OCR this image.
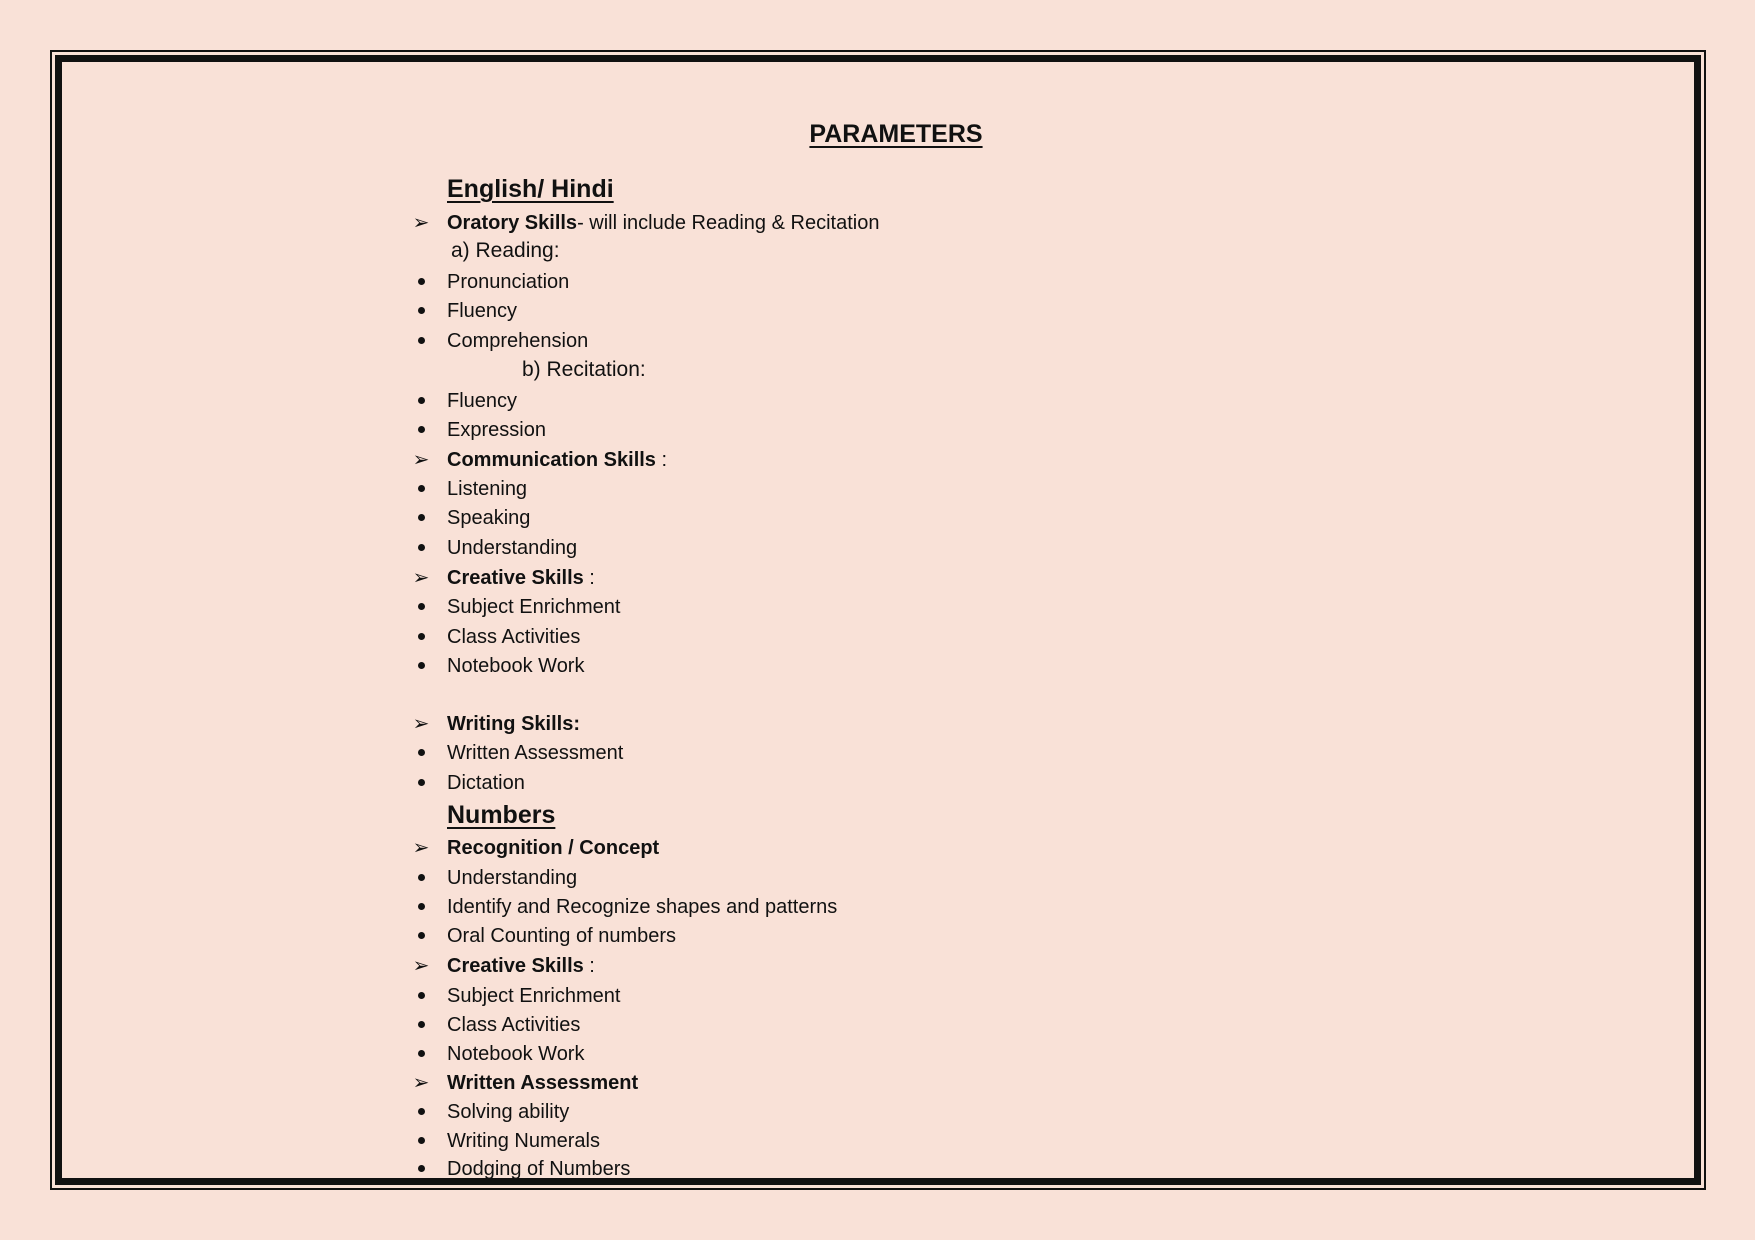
PARAMETERS
English/ Hindi
➢ Oratory Skills- will include Reading & Recitation
a) Reading:
Pronunciation
Fluency
Comprehension
b) Recitation:
Fluency
Expression
➢ Communication Skills :
Listening
Speaking
Understanding
➢ Creative Skills :
Subject Enrichment
Class Activities
Notebook Work
➢ Writing Skills:
Written Assessment
Dictation
Numbers
➢ Recognition / Concept
Understanding
Identify and Recognize shapes and patterns
Oral Counting of numbers
➢ Creative Skills :
Subject Enrichment
Class Activities
Notebook Work
➢ Written Assessment
Solving ability
Writing Numerals
Dodging of Numbers
